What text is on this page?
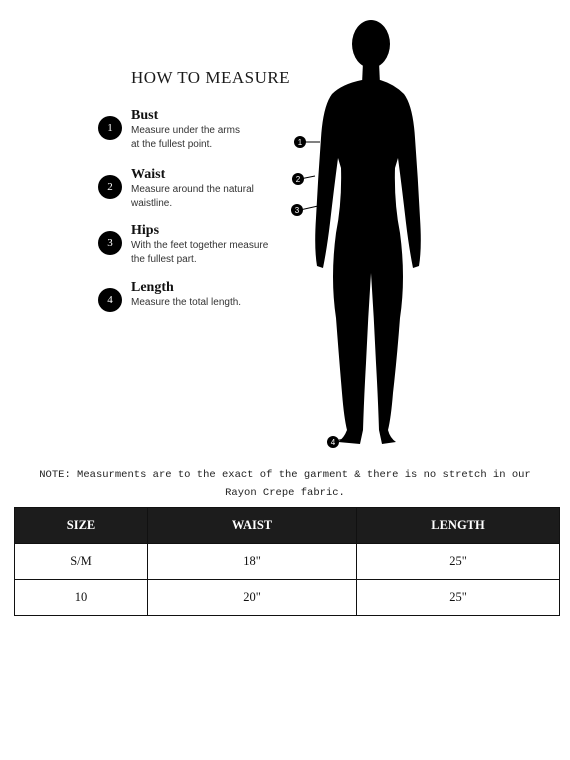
HOW TO MEASURE
1
Bust
Measure under the arms
at the fullest point.
2
Waist
Measure around the natural
waistline.
3
Hips
With the feet together measure
the fullest part.
4
Length
Measure the total length.
1
2
3
4
NOTE: Measurments are to the exact of the garment & there is no stretch in our
Rayon Crepe fabric.
SIZE	WAIST	LENGTH
S/M	18"	25"
10	20"	25"
